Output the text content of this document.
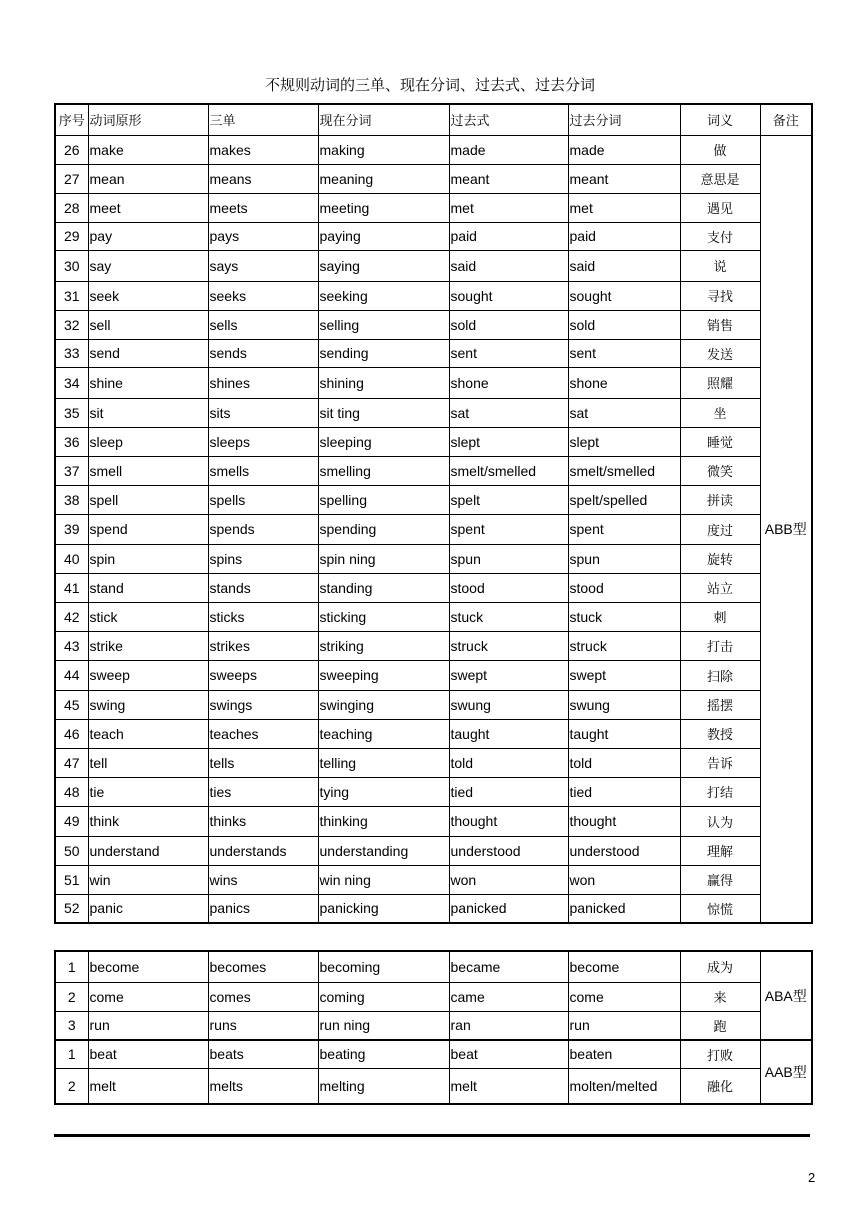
不规则动词的三单、现在分词、过去式、过去分词
序号	动词原形	三单	现在分词	过去式	过去分词	词义	备注
26	make	makes	making	made	made	做	ABB型
27	mean	means	meaning	meant	meant	意思是	
28	meet	meets	meeting	met	met	遇见	
29	pay	pays	paying	paid	paid	支付	
30	say	says	saying	said	said	说	
31	seek	seeks	seeking	sought	sought	寻找	
32	sell	sells	selling	sold	sold	销售	
33	send	sends	sending	sent	sent	发送	
34	shine	shines	shining	shone	shone	照耀	
35	sit	sits	sit ting	sat	sat	坐	
36	sleep	sleeps	sleeping	slept	slept	睡觉	
37	smell	smells	smelling	smelt/smelled	smelt/smelled	微笑	
38	spell	spells	spelling	spelt	spelt/spelled	拼读	
39	spend	spends	spending	spent	spent	度过	
40	spin	spins	spin ning	spun	spun	旋转	
41	stand	stands	standing	stood	stood	站立	
42	stick	sticks	sticking	stuck	stuck	刺	
43	strike	strikes	striking	struck	struck	打击	
44	sweep	sweeps	sweeping	swept	swept	扫除	
45	swing	swings	swinging	swung	swung	摇摆	
46	teach	teaches	teaching	taught	taught	教授	
47	tell	tells	telling	told	told	告诉	
48	tie	ties	tying	tied	tied	打结	
49	think	thinks	thinking	thought	thought	认为	
50	understand	understands	understanding	understood	understood	理解	
51	win	wins	win ning	won	won	赢得	
52	panic	panics	panicking	panicked	panicked	惊慌	
1	become	becomes	becoming	became	become	成为	ABA型
2	come	comes	coming	came	come	来	
3	run	runs	run ning	ran	run	跑	
1	beat	beats	beating	beat	beaten	打败	AAB型
2	melt	melts	melting	melt	molten/melted	融化	
2
